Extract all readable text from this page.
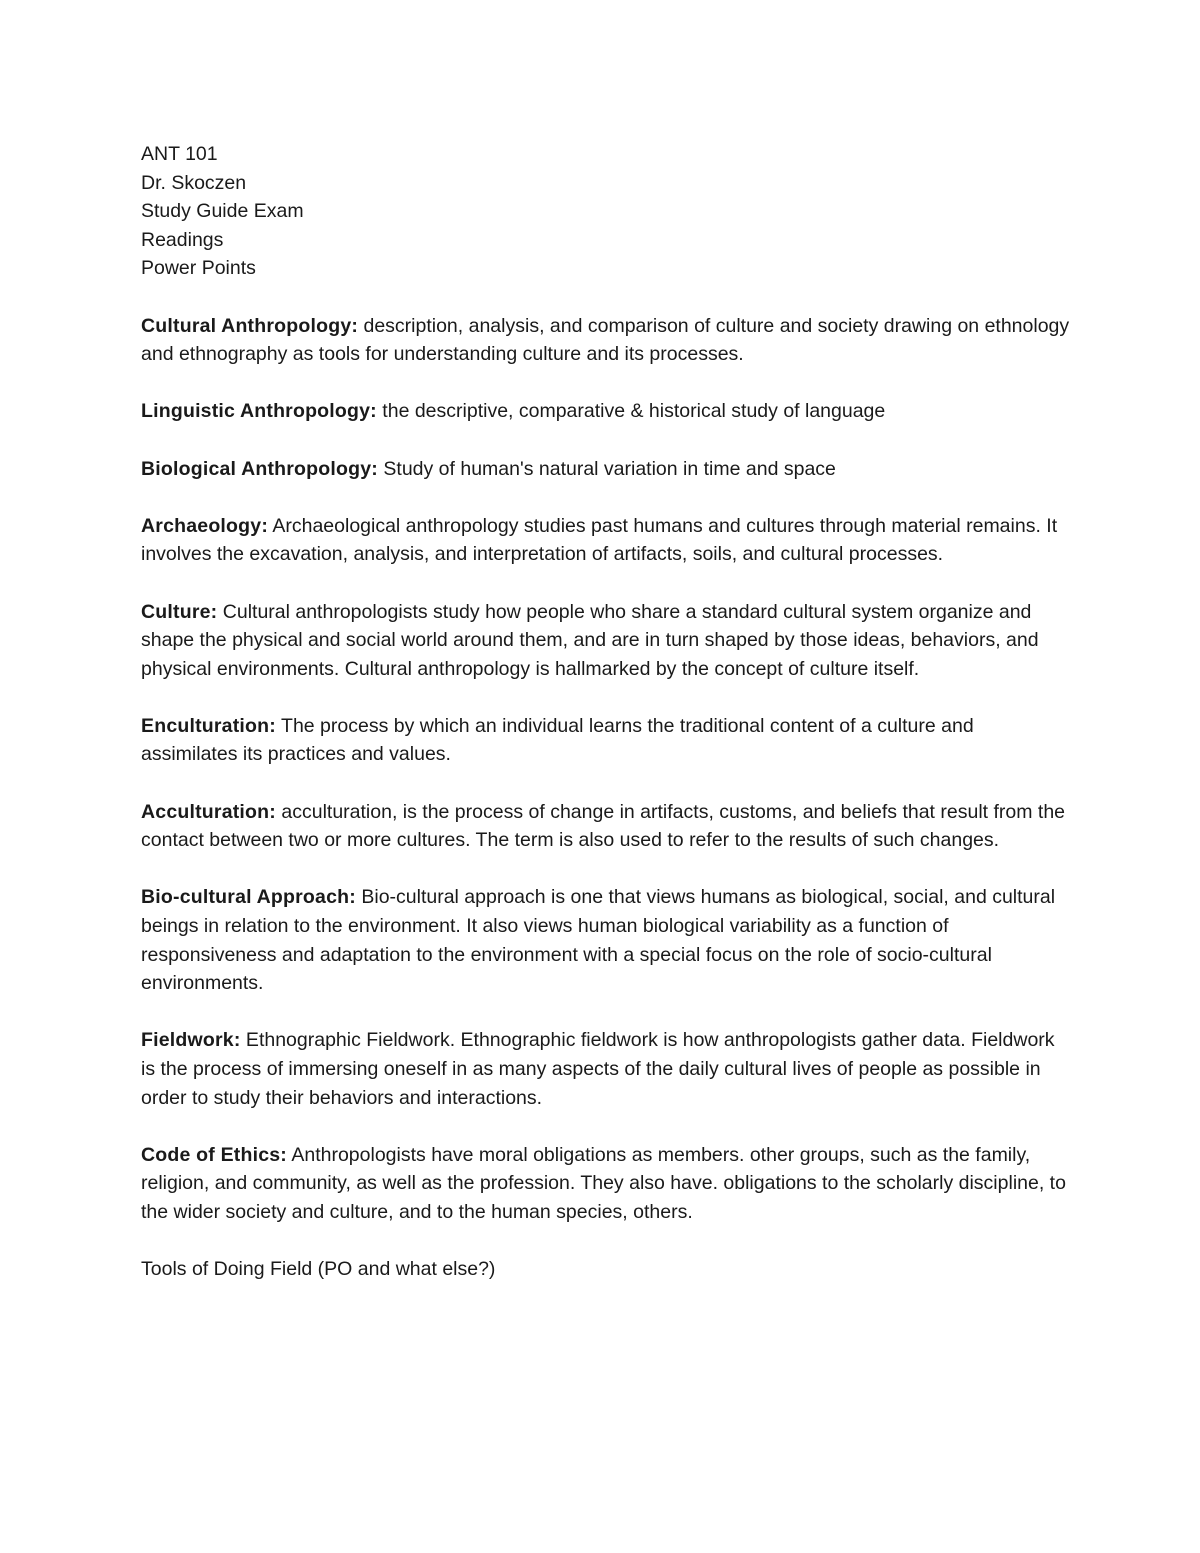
ANT 101

Dr. Skoczen

Study Guide Exam

Readings

Power Points

Cultural Anthropology: description, analysis, and comparison of culture and society drawing on ethnology and ethnography as tools for understanding culture and its processes.

Linguistic Anthropology: the descriptive, comparative & historical study of language

Biological Anthropology: Study of human's natural variation in time and space

Archaeology: Archaeological anthropology studies past humans and cultures through material remains. It involves the excavation, analysis, and interpretation of artifacts, soils, and cultural processes.

Culture: Cultural anthropologists study how people who share a standard cultural system organize and shape the physical and social world around them, and are in turn shaped by those ideas, behaviors, and physical environments. Cultural anthropology is hallmarked by the concept of culture itself.

Enculturation: The process by which an individual learns the traditional content of a culture and assimilates its practices and values.

Acculturation: acculturation, is the process of change in artifacts, customs, and beliefs that result from the contact between two or more cultures. The term is also used to refer to the results of such changes.

Bio-cultural Approach: Bio-cultural approach is one that views humans as biological, social, and cultural beings in relation to the environment. It also views human biological variability as a function of responsiveness and adaptation to the environment with a special focus on the role of socio-cultural environments.

Fieldwork: Ethnographic Fieldwork. Ethnographic fieldwork is how anthropologists gather data. Fieldwork is the process of immersing oneself in as many aspects of the daily cultural lives of people as possible in order to study their behaviors and interactions.

Code of Ethics: Anthropologists have moral obligations as members. other groups, such as the family, religion, and community, as well as the profession. They also have. obligations to the scholarly discipline, to the wider society and culture, and to the human species, others.

Tools of Doing Field (PO and what else?)
